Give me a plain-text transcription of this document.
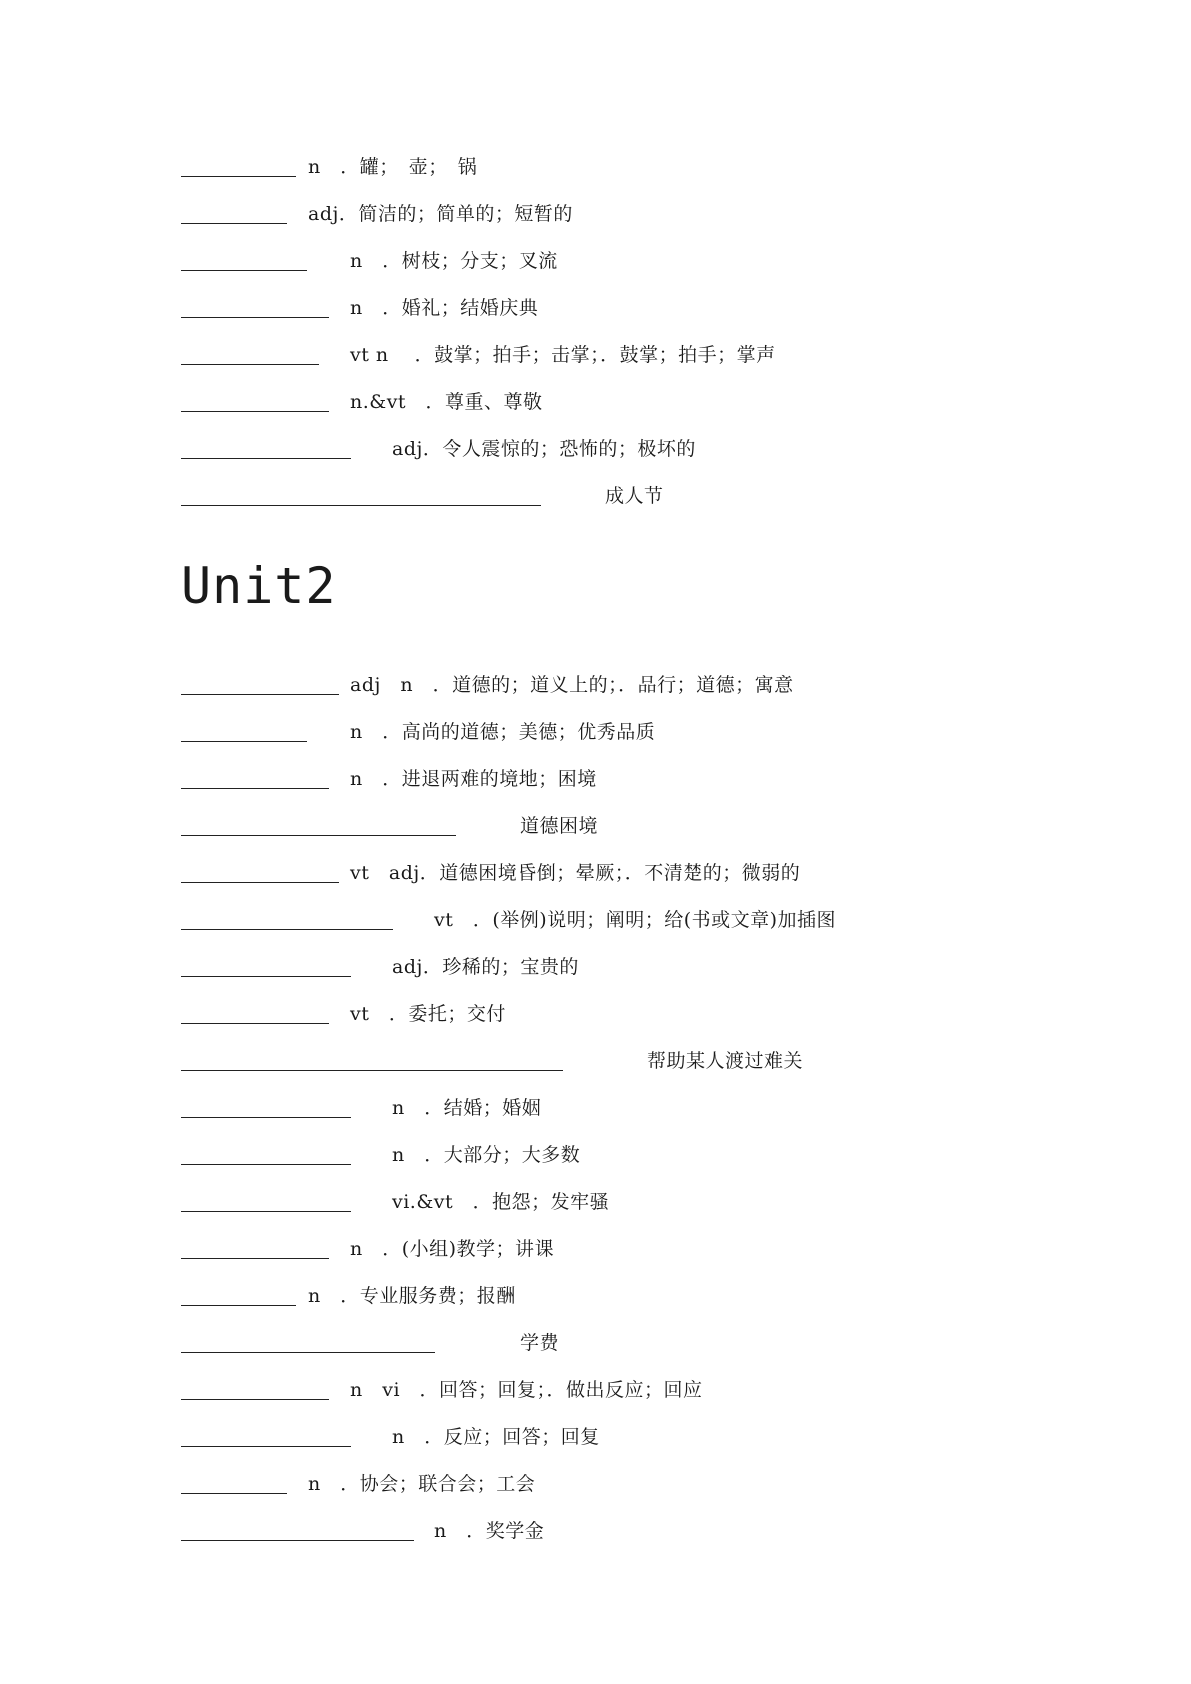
n　．罐；　壶；　锅
adj．简洁的；简单的；短暂的
n　．树枝；分支；叉流
n　．婚礼；结婚庆典
vt n　 ．鼓掌；拍手；击掌；．鼓掌；拍手；掌声
n.&vt　．尊重、尊敬
adj．令人震惊的；恐怖的；极坏的
成人节
Unit2
adj　n　．道德的；道义上的；．品行；道德；寓意
n　．高尚的道德；美德；优秀品质
n　．进退两难的境地；困境
道德困境
vt　adj．道德困境昏倒；晕厥；．不清楚的；微弱的
vt　．(举例)说明；阐明；给(书或文章)加插图
adj．珍稀的；宝贵的
vt　．委托；交付
帮助某人渡过难关
n　．结婚；婚姻
n　．大部分；大多数
vi.&vt　．抱怨；发牢骚
n　．(小组)教学；讲课
n　．专业服务费；报酬
学费
n　vi　．回答；回复；．做出反应；回应
n　．反应；回答；回复
n　．协会；联合会；工会
n　．奖学金
